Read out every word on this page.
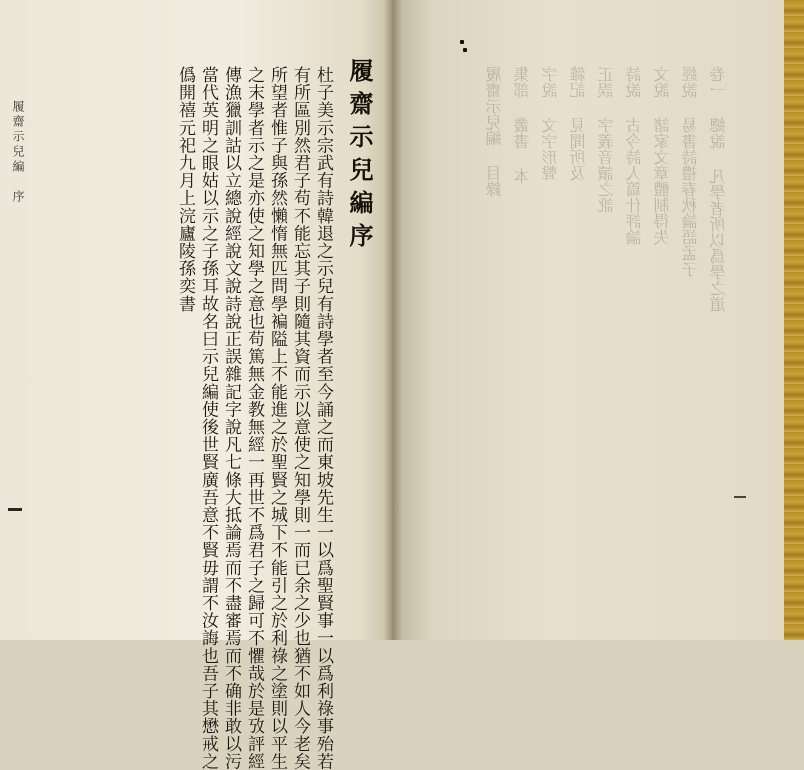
履齋示兒編
序	履齋示兒編序
杜子美示宗武有詩韓退之示兒有詩學者至今誦之而東坡先生一以爲聖賢事一以爲利祿事殆若
有所區別然君子苟不能忘其子則隨其資而示以意使之知學則一而已余之少也猶不如人今老矣
所望者惟子與孫然懶惰無匹問學褊隘上不能進之於聖賢之城下不能引之於利祿之塗則以平生
之末學者示之是亦使之知學之意也苟篤無金教無經一再世不爲君子之歸可不懼哉於是攷評經
傳漁獵訓詁以立總說經說文說詩說正誤雜記字說凡七條大抵論焉而不盡審焉而不确非敢以污
當代英明之眼姑以示之子孫耳故名曰示兒編使後世賢廣吾意不賢毋謂不汝誨也吾子其懋戒之
僞開禧元祀九月上浣廬陵孫奕書	卷一 總說 凡學者所以爲學之道
經說 易書詩禮春秋論語孟子
文說 諸家文章體制得失
詩說 古今詩人篇什評論
正誤 字義音讀之訛
雜記 見聞所及
字說 文字形聲
集部 叢書 本
履齋示兒編 目錄
